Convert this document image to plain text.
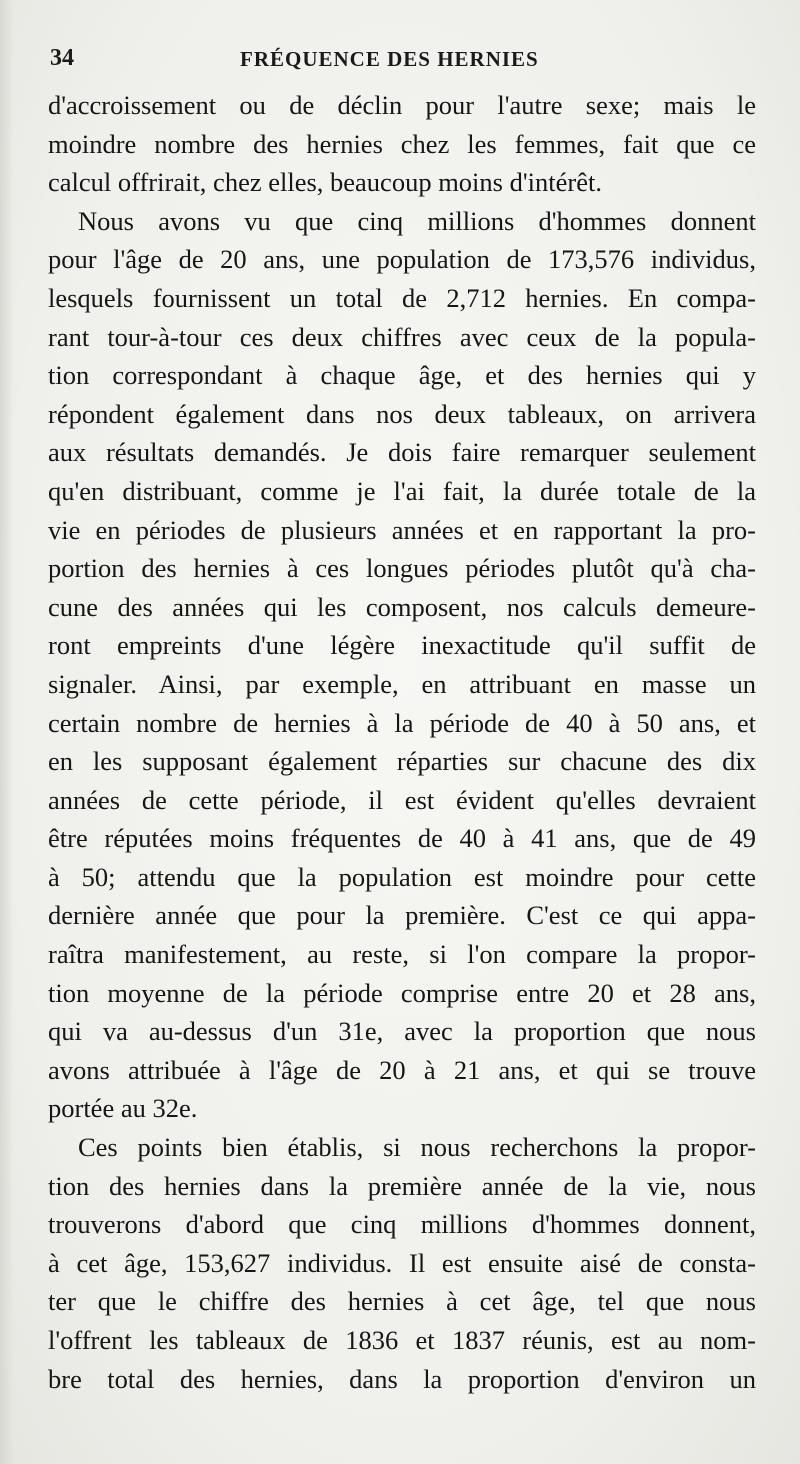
34	FRÉQUENCE DES HERNIES
d'accroissement ou de déclin pour l'autre sexe; mais le
moindre nombre des hernies chez les femmes, fait que ce
calcul offrirait, chez elles, beaucoup moins d'intérêt.
Nous avons vu que cinq millions d'hommes donnent
pour l'âge de 20 ans, une population de 173,576 individus,
lesquels fournissent un total de 2,712 hernies. En compa-
rant tour-à-tour ces deux chiffres avec ceux de la popula-
tion correspondant à chaque âge, et des hernies qui y
répondent également dans nos deux tableaux, on arrivera
aux résultats demandés. Je dois faire remarquer seulement
qu'en distribuant, comme je l'ai fait, la durée totale de la
vie en périodes de plusieurs années et en rapportant la pro-
portion des hernies à ces longues périodes plutôt qu'à cha-
cune des années qui les composent, nos calculs demeure-
ront empreints d'une légère inexactitude qu'il suffit de
signaler. Ainsi, par exemple, en attribuant en masse un
certain nombre de hernies à la période de 40 à 50 ans, et
en les supposant également réparties sur chacune des dix
années de cette période, il est évident qu'elles devraient
être réputées moins fréquentes de 40 à 41 ans, que de 49
à 50; attendu que la population est moindre pour cette
dernière année que pour la première. C'est ce qui appa-
raîtra manifestement, au reste, si l'on compare la propor-
tion moyenne de la période comprise entre 20 et 28 ans,
qui va au-dessus d'un 31e, avec la proportion que nous
avons attribuée à l'âge de 20 à 21 ans, et qui se trouve
portée au 32e.
Ces points bien établis, si nous recherchons la propor-
tion des hernies dans la première année de la vie, nous
trouverons d'abord que cinq millions d'hommes donnent,
à cet âge, 153,627 individus. Il est ensuite aisé de consta-
ter que le chiffre des hernies à cet âge, tel que nous
l'offrent les tableaux de 1836 et 1837 réunis, est au nom-
bre total des hernies, dans la proportion d'environ un
